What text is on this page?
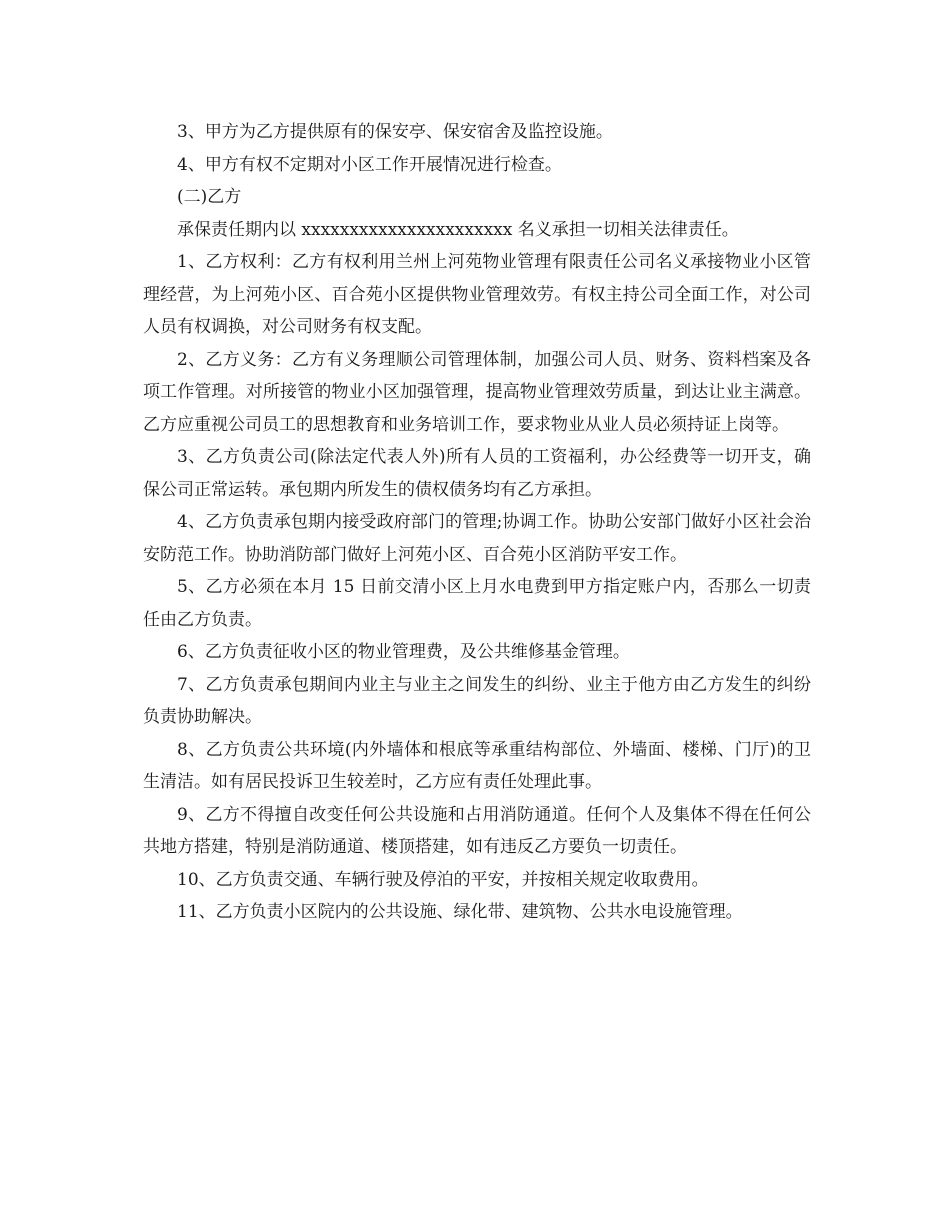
3、甲方为乙方提供原有的保安亭、保安宿舍及监控设施。

4、甲方有权不定期对小区工作开展情况进行检查。

(二)乙方

承保责任期内以 xxxxxxxxxxxxxxxxxxxxxx 名义承担一切相关法律责任。

1、乙方权利：乙方有权利用兰州上河苑物业管理有限责任公司名义承接物业小区管理经营，为上河苑小区、百合苑小区提供物业管理效劳。有权主持公司全面工作，对公司人员有权调换，对公司财务有权支配。

2、乙方义务：乙方有义务理顺公司管理体制，加强公司人员、财务、资料档案及各项工作管理。对所接管的物业小区加强管理，提高物业管理效劳质量，到达让业主满意。乙方应重视公司员工的思想教育和业务培训工作，要求物业从业人员必须持证上岗等。

3、乙方负责公司(除法定代表人外)所有人员的工资福利，办公经费等一切开支，确保公司正常运转。承包期内所发生的债权债务均有乙方承担。

4、乙方负责承包期内接受政府部门的管理;协调工作。协助公安部门做好小区社会治安防范工作。协助消防部门做好上河苑小区、百合苑小区消防平安工作。

5、乙方必须在本月 15 日前交清小区上月水电费到甲方指定账户内，否那么一切责任由乙方负责。

6、乙方负责征收小区的物业管理费，及公共维修基金管理。

7、乙方负责承包期间内业主与业主之间发生的纠纷、业主于他方由乙方发生的纠纷负责协助解决。

8、乙方负责公共环境(内外墙体和根底等承重结构部位、外墙面、楼梯、门厅)的卫生清洁。如有居民投诉卫生较差时，乙方应有责任处理此事。

9、乙方不得擅自改变任何公共设施和占用消防通道。任何个人及集体不得在任何公共地方搭建，特别是消防通道、楼顶搭建，如有违反乙方要负一切责任。

10、乙方负责交通、车辆行驶及停泊的平安，并按相关规定收取费用。

11、乙方负责小区院内的公共设施、绿化带、建筑物、公共水电设施管理。
